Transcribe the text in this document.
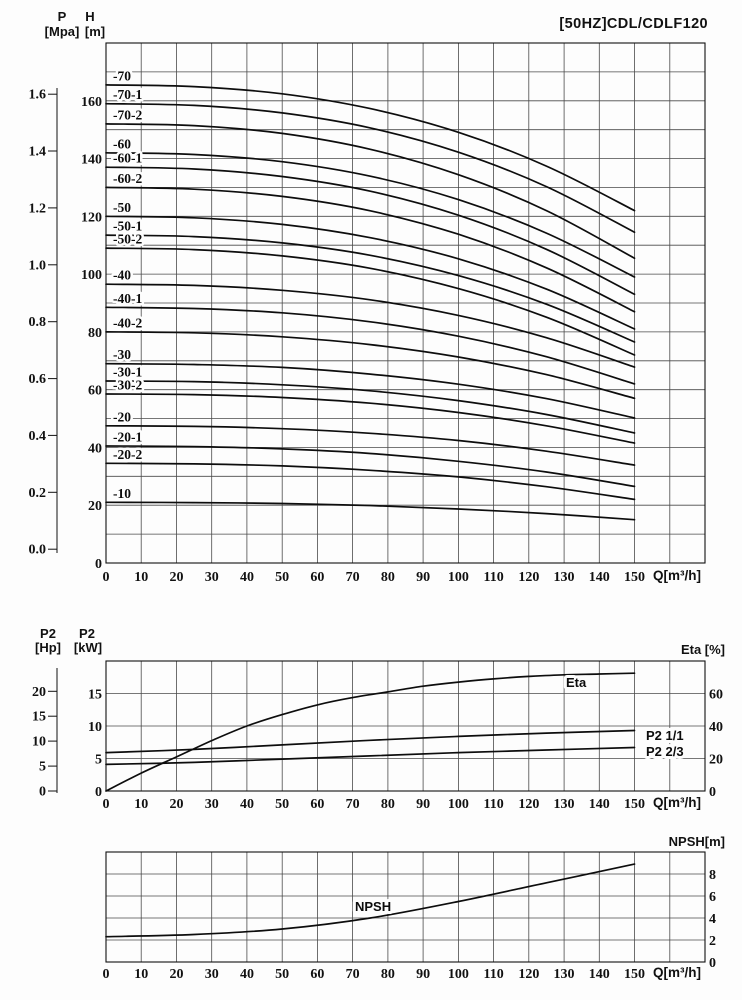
0.0
0.2
0.4
0.6
0.8
1.0
1.2
1.4
1.6
0
20
40
60
80
100
120
140
160
0 10 20 30 40 50 60 70 80 90 100 110 120 130 140 150
-70
-70-1
-70-2
-60
-60-1
-60-2
-50
-50-1
-50-2
-40
-40-1
-40-2
-30
-30-1
-30-2
-20
-20-1
-20-2
-10
0
5
10
15
20
0
5
10
15
0
20
40
60
0 10 20 30 40 50 60 70 80 90 100 110 120 130 140 150
Eta
P2 1/1
P2 2/3
0
2
4
6
8
0 10 20 30 40 50 60 70 80 90 100 110 120 130 140 150
NPSH
P	H
[Mpa] [m]	[50HZ]CDL/CDLF120
Q[m³/h]
P2 P2
[Hp] [kW]	Eta [%]
Q[m³/h]
NPSH[m]
Q[m³/h]
